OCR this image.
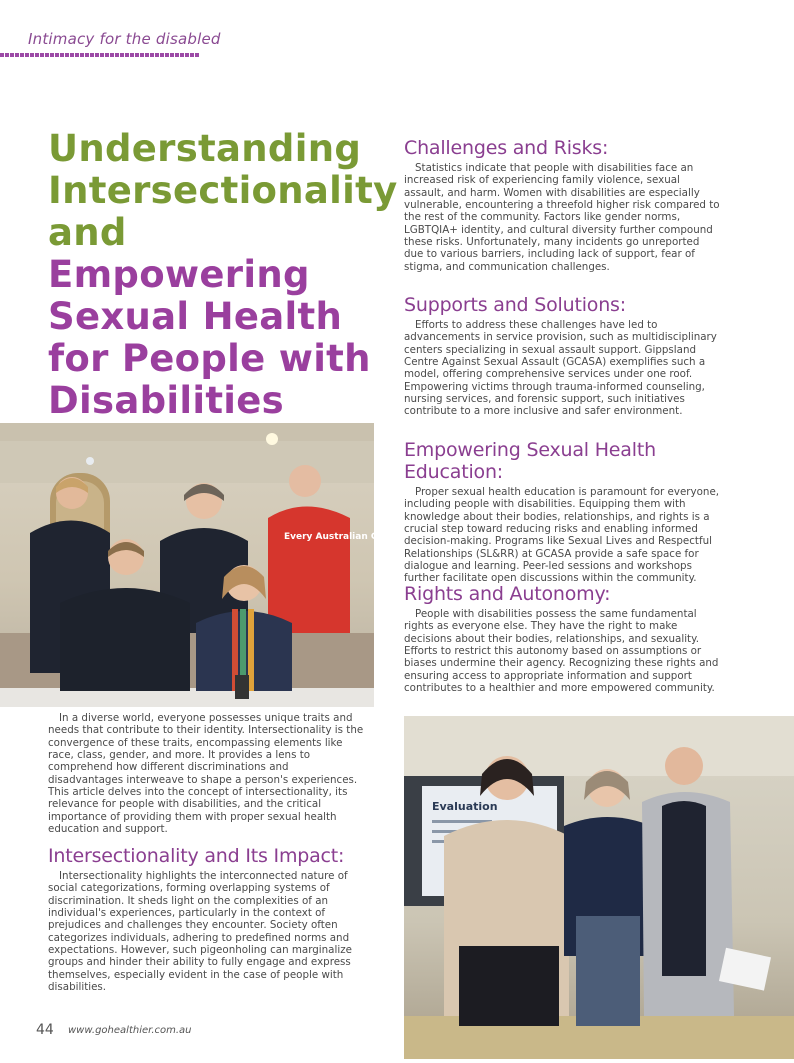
Intimacy for the disabled
Understanding
Intersectionality
and Empowering
Sexual Health
for People with
Disabilities
Every Australian Counts

In a diverse world, everyone possesses unique traits and needs that contribute to their identity. Intersectionality is the convergence of these traits, encompassing elements like race, class, gender, and more. It provides a lens to comprehend how different discriminations and disadvantages interweave to shape a person's experiences. This article delves into the concept of intersectionality, its relevance for people with disabilities, and the critical importance of providing them with proper sexual health education and support.

Intersectionality and Its Impact:

Intersectionality highlights the interconnected nature of social categorizations, forming overlapping systems of discrimination. It sheds light on the complexities of an individual's experiences, particularly in the context of prejudices and challenges they encounter. Society often categorizes individuals, adhering to predefined norms and expectations. However, such pigeonholing can marginalize groups and hinder their ability to fully engage and express themselves, especially evident in the case of people with disabilities.

Challenges and Risks:

Statistics indicate that people with disabilities face an increased risk of experiencing family violence, sexual assault, and harm. Women with disabilities are especially vulnerable, encountering a threefold higher risk compared to the rest of the community. Factors like gender norms, LGBTQIA+ identity, and cultural diversity further compound these risks. Unfortunately, many incidents go unreported due to various barriers, including lack of support, fear of stigma, and communication challenges.

Supports and Solutions:

Efforts to address these challenges have led to advancements in service provision, such as multidisciplinary centers specializing in sexual assault support. Gippsland Centre Against Sexual Assault (GCASA) exemplifies such a model, offering comprehensive services under one roof. Empowering victims through trauma-informed counseling, nursing services, and forensic support, such initiatives contribute to a more inclusive and safer environment.

Empowering Sexual Health Education:

Proper sexual health education is paramount for everyone, including people with disabilities. Equipping them with knowledge about their bodies, relationships, and rights is a crucial step toward reducing risks and enabling informed decision-making. Programs like Sexual Lives and Respectful Relationships (SL&RR) at GCASA provide a safe space for dialogue and learning. Peer-led sessions and workshops further facilitate open discussions within the community.

Rights and Autonomy:

People with disabilities possess the same fundamental rights as everyone else. They have the right to make decisions about their bodies, relationships, and sexuality. Efforts to restrict this autonomy based on assumptions or biases undermine their agency. Recognizing these rights and ensuring access to appropriate information and support contributes to a healthier and more empowered community.

Evaluation
44 www.gohealthier.com.au
